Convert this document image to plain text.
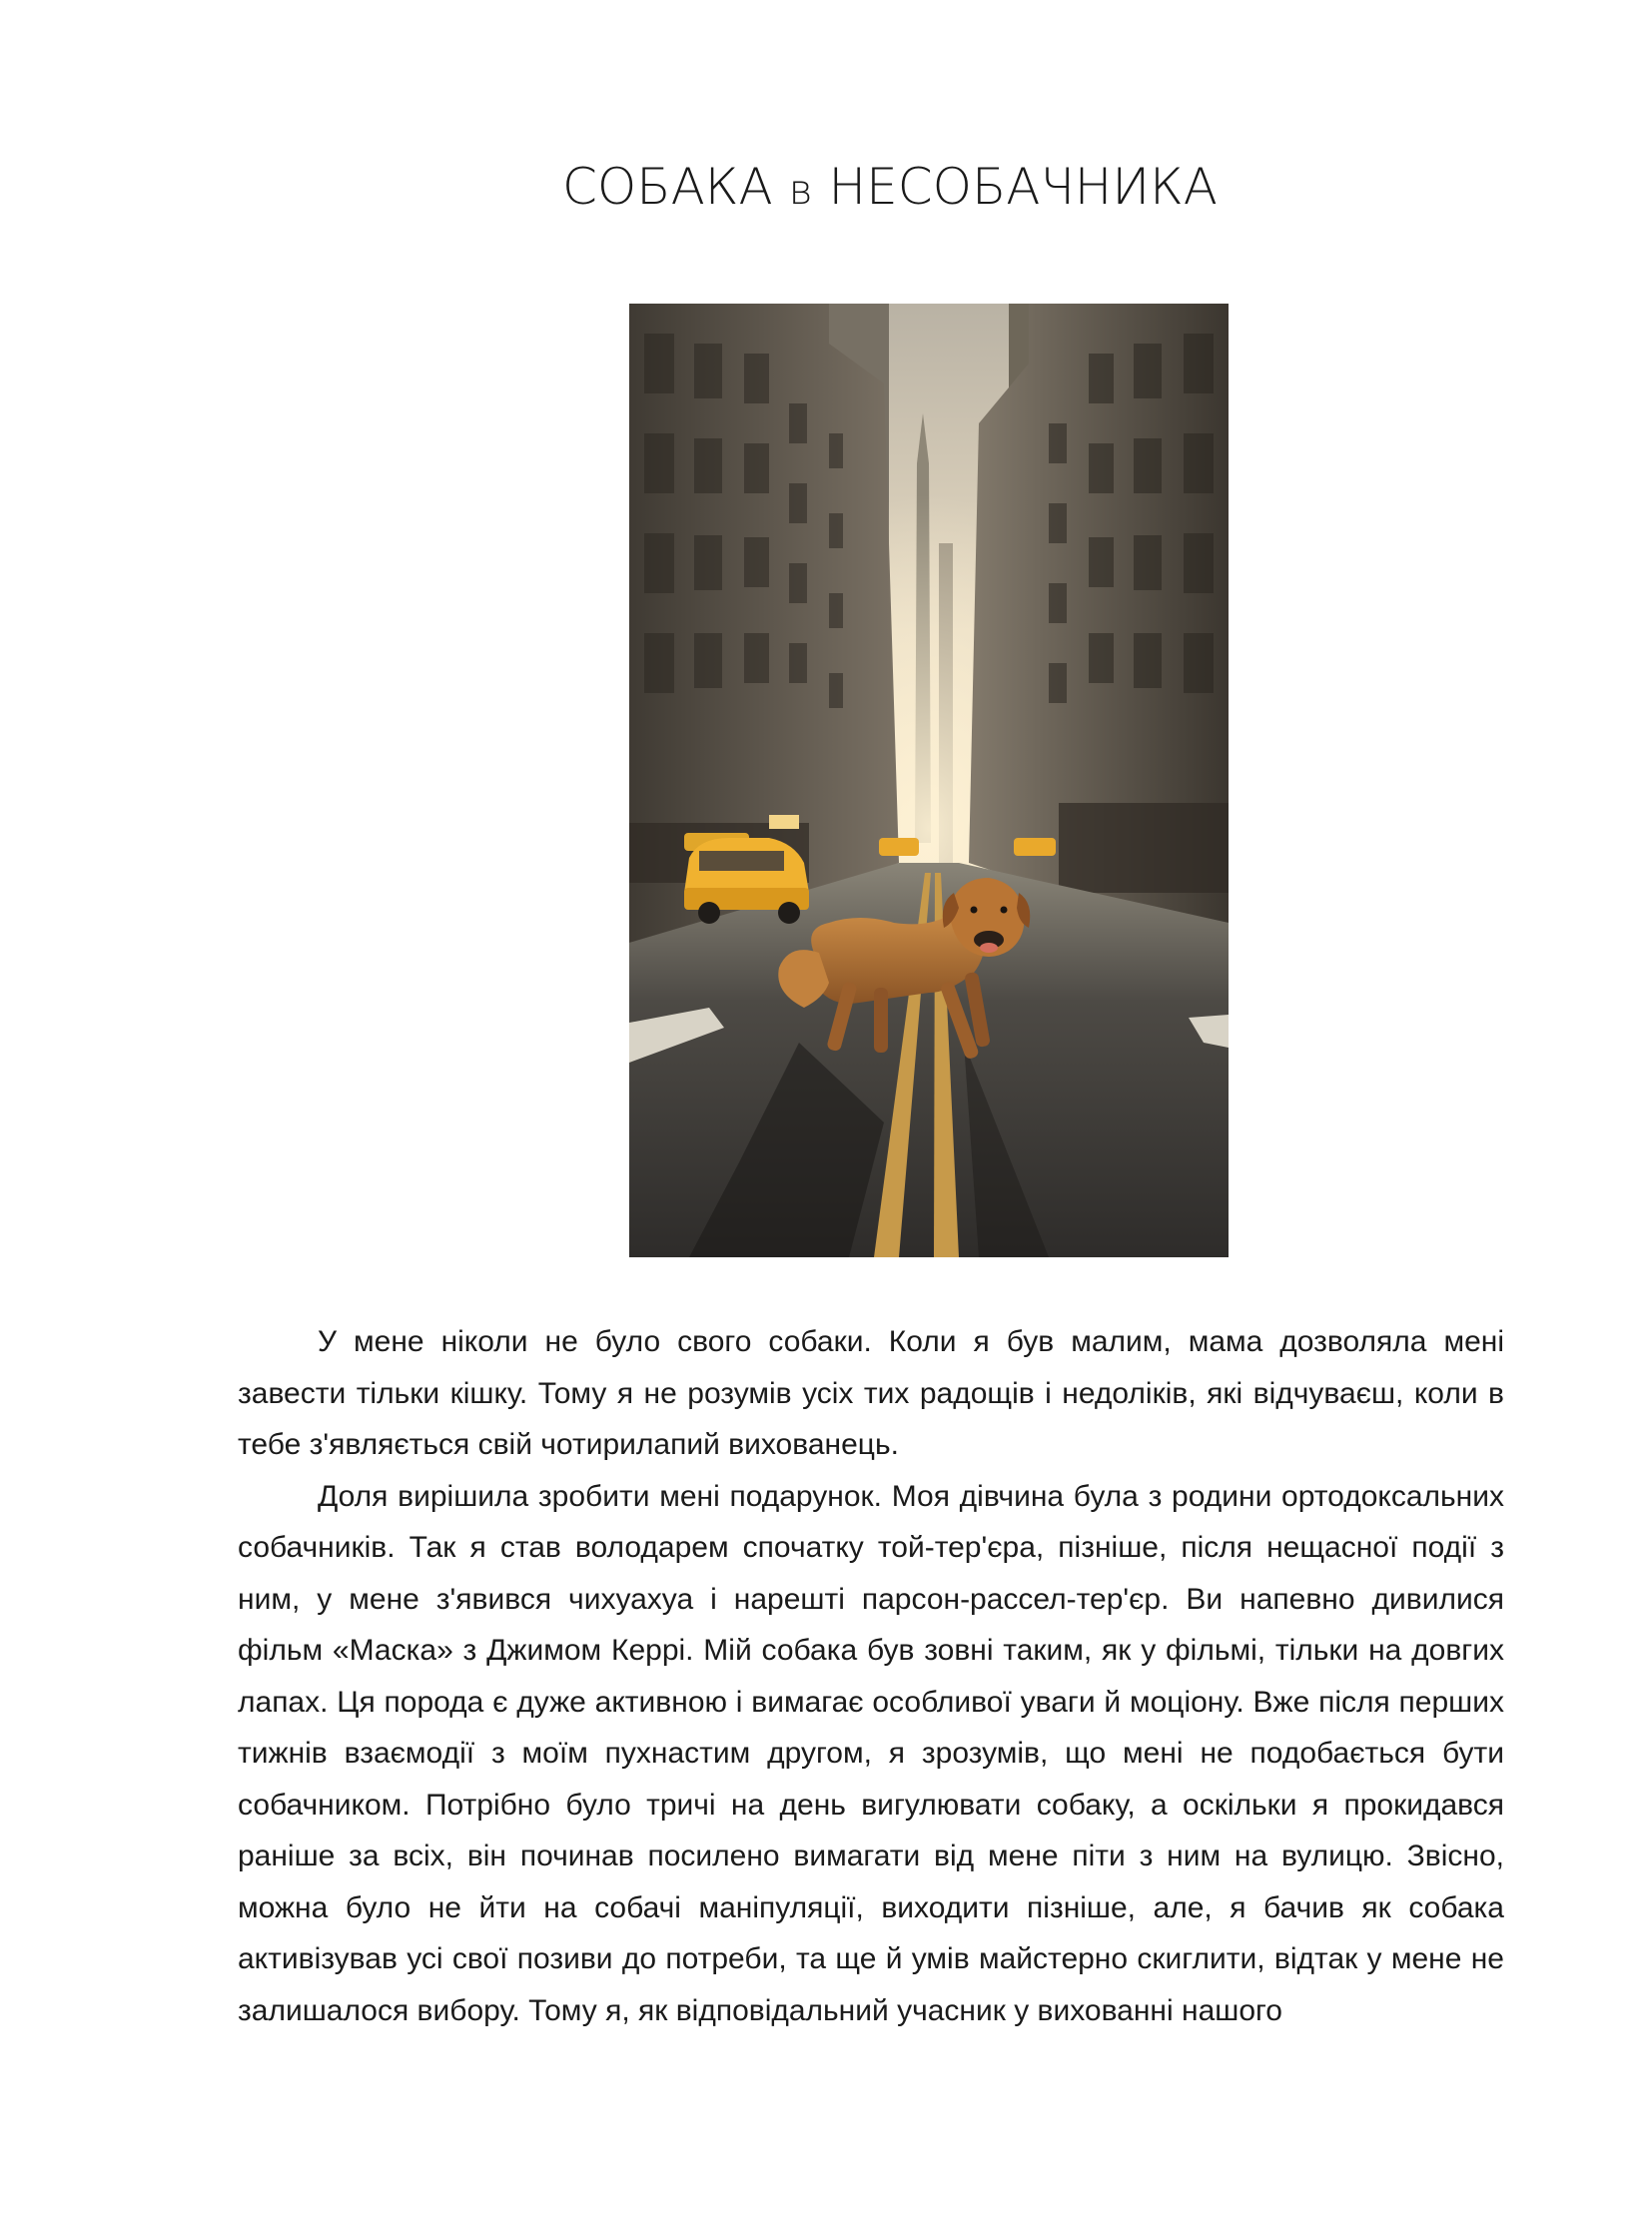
СОБАКА в НЕСОБАЧНИКА

У мене ніколи не було свого собаки. Коли я був малим, мама дозволяла мені завести тільки кішку. Тому я не розумів усіх тих радощів і недоліків, які відчуваєш, коли в тебе з'являється свій чотирилапий вихованець.

Доля вирішила зробити мені подарунок. Моя дівчина була з родини ортодоксальних собачників. Так я став володарем спочатку той-тер'єра, пізніше, після нещасної події з ним, у мене з'явився чихуахуа і нарешті парсон-рассел-тер'єр. Ви напевно дивилися фільм «Маска» з Джимом Керрі. Мій собака був зовні таким, як у фільмі, тільки на довгих лапах. Ця порода є дуже активною і вимагає особливої уваги й моціону. Вже після перших тижнів взаємодії з моїм пухнастим другом, я зрозумів, що мені не подобається бути собачником. Потрібно було тричі на день вигулювати собаку, а оскільки я прокидався раніше за всіх, він починав посилено вимагати від мене піти з ним на вулицю. Звісно, можна було не йти на собачі маніпуляції, виходити пізніше, але, я бачив як собака активізував усі свої позиви до потреби, та ще й умів майстерно скиглити, відтак у мене не залишалося вибору. Тому я, як відповідальний учасник у вихованні нашого
